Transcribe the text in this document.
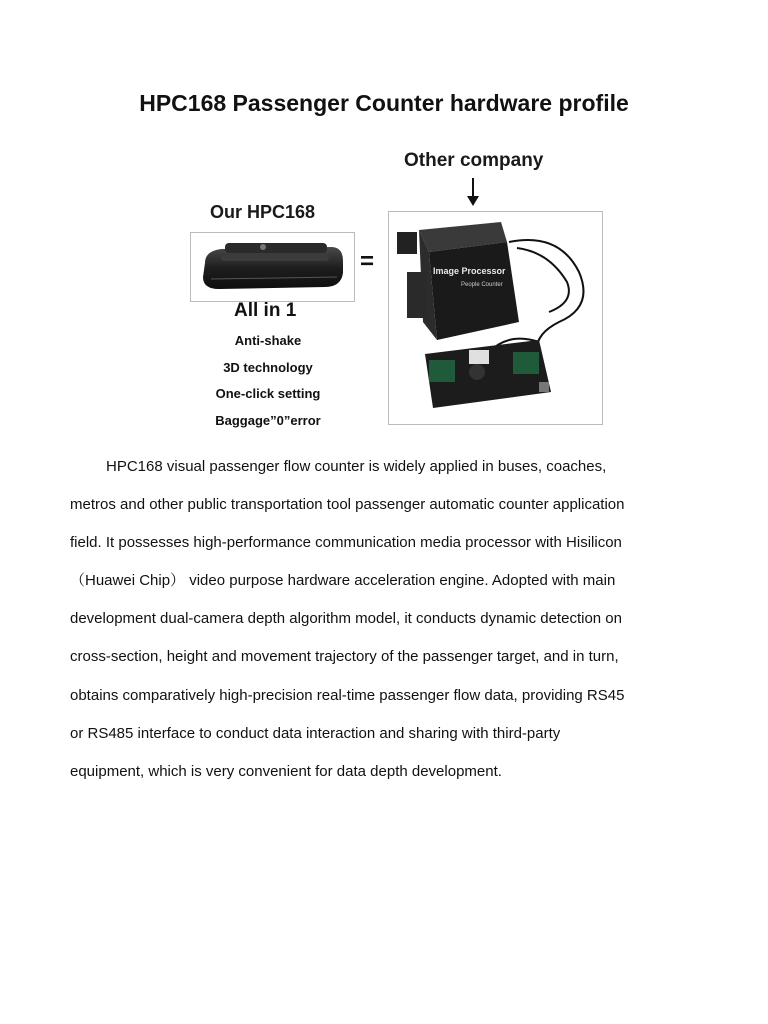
HPC168 Passenger Counter hardware profile
Other company
Our HPC168
=	Image Processor
People Counter
All in 1
Anti-shake
3D technology
One-click setting
Baggage”0”error
HPC168 visual passenger flow counter is widely applied in buses, coaches,
metros and other public transportation tool passenger automatic counter application
field. It possesses high-performance communication media processor with Hisilicon
（Huawei Chip） video purpose hardware acceleration engine. Adopted with main
development dual-camera depth algorithm model, it conducts dynamic detection on
cross-section, height and movement trajectory of the passenger target, and in turn,
obtains comparatively high-precision real-time passenger flow data, providing RS45
or RS485 interface to conduct data interaction and sharing with third-party
equipment, which is very convenient for data depth development.
